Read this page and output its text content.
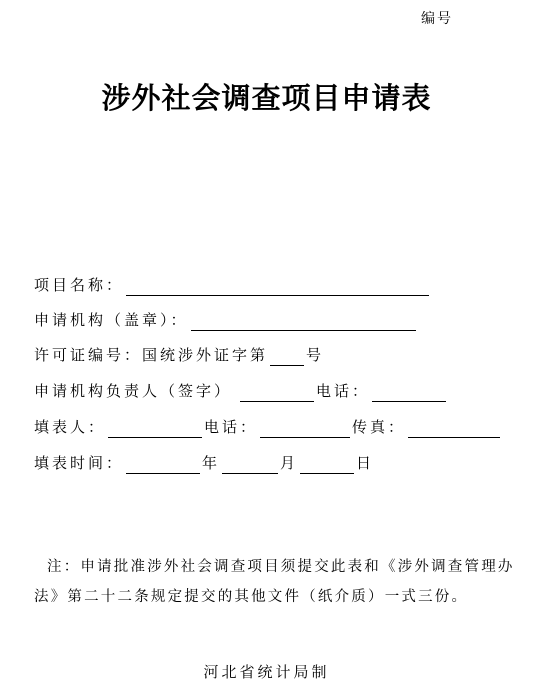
编号
涉外社会调查项目申请表
项目名称：
申请机构（盖章）：
许可证编号：国统涉外证字第	号
申请机构负责人（签字）	电话：
填表人：	电话：	传真：
填表时间：	年	月	日
注：申请批准涉外社会调查项目须提交此表和《涉外调查管理办法》第二十二条规定提交的其他文件（纸介质）一式三份。
河北省统计局制
